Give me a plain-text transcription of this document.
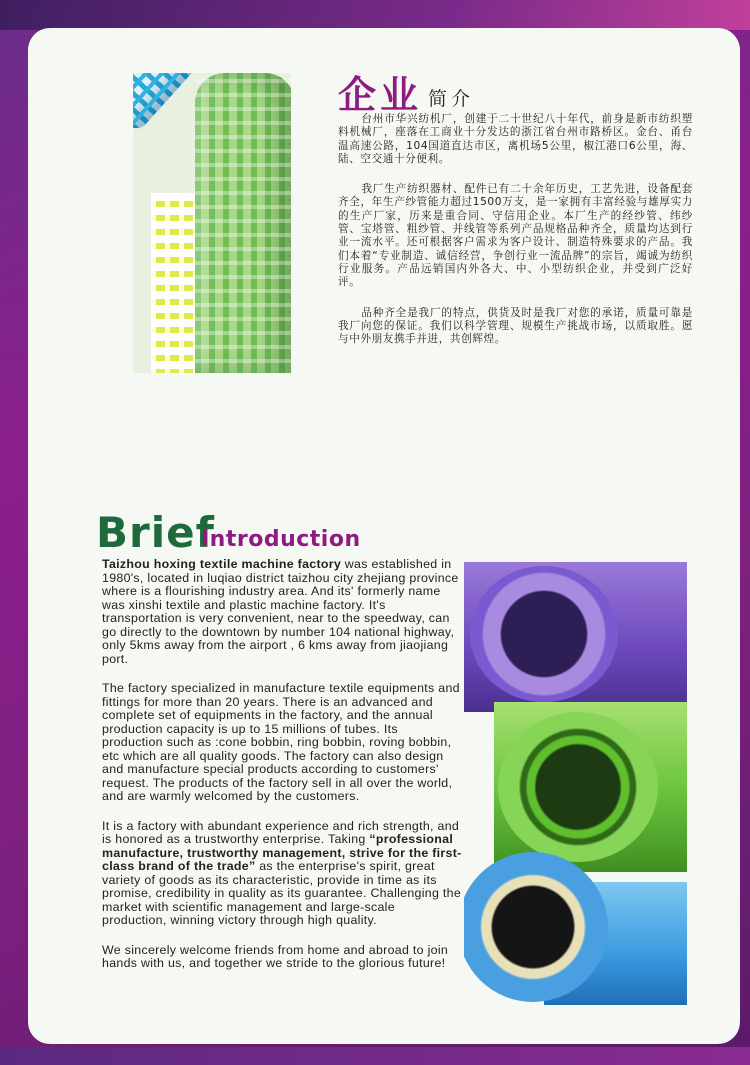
企业 简介

台州市华兴纺机厂，创建于二十世纪八十年代，前身是新市纺织塑料机械厂，座落在工商业十分发达的浙江省台州市路桥区。金台、甬台温高速公路，104国道直达市区，离机场5公里，椒江港口6公里，海、陆、空交通十分便利。

我厂生产纺织器材、配件已有二十余年历史，工艺先进，设备配套齐全，年生产纱管能力超过1500万支，是一家拥有丰富经验与雄厚实力的生产厂家，历来是重合同、守信用企业。本厂生产的经纱管、纬纱管、宝塔管、粗纱管、并线管等系列产品规格品种齐全，质量均达到行业一流水平。还可根据客户需求为客户设计、制造特殊要求的产品。我们本着“专业制造、诚信经营，争创行业一流品牌”的宗旨，竭诚为纺织行业服务。产品远销国内外各大、中、小型纺织企业，并受到广泛好评。

品种齐全是我厂的特点，供货及时是我厂对您的承诺，质量可靠是我厂向您的保证。我们以科学管理、规模生产挑战市场，以质取胜。愿与中外朋友携手并进，共创辉煌。

Brief
Introduction

Taizhou hoxing textile machine factory was established in 1980's, located in luqiao district taizhou city zhejiang province where is a flourishing industry area. And its' formerly name was xinshi textile and plastic machine factory. It's transportation is very convenient, near to the speedway, can go directly to the downtown by number 104 national highway, only 5kms away from the airport , 6 kms away from jiaojiang port.

The factory specialized in manufacture textile equipments and fittings for more than 20 years. There is an advanced and complete set of equipments in the factory, and the annual production capacity is up to 15 millions of tubes. Its production such as :cone bobbin, ring bobbin, roving bobbin, etc which are all quality goods. The factory can also design and manufacture special products according to customers' request. The products of the factory sell in all over the world, and are warmly welcomed by the customers.

It is a factory with abundant experience and rich strength, and is honored as a trustworthy enterprise. Taking “professional manufacture, trustworthy management, strive for the first-class brand of the trade” as the enterprise's spirit, great variety of goods as its characteristic, provide in time as its promise, credibility in quality as its guarantee. Challenging the market with scientific management and large-scale production, winning victory through high quality.

We sincerely welcome friends from home and abroad to join hands with us, and together we stride to the glorious future!
